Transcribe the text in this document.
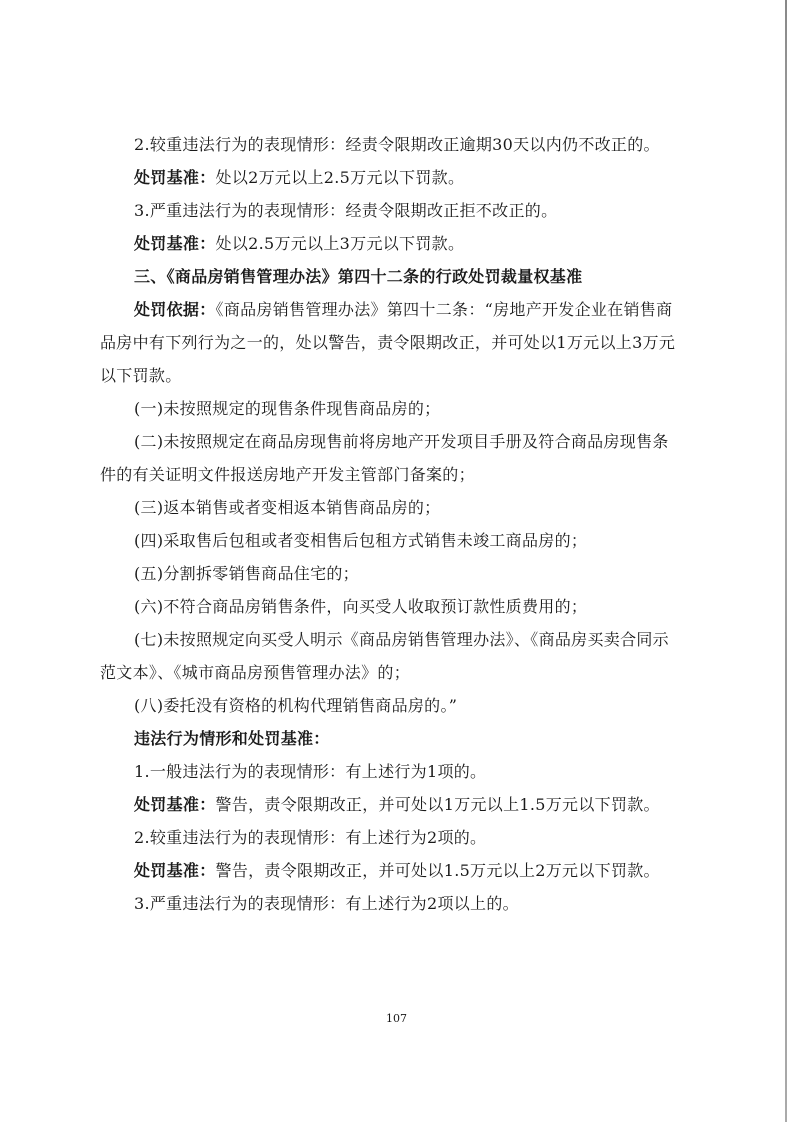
2.较重违法行为的表现情形：经责令限期改正逾期30天以内仍不改正的。

处罚基准：处以2万元以上2.5万元以下罚款。

3.严重违法行为的表现情形：经责令限期改正拒不改正的。

处罚基准：处以2.5万元以上3万元以下罚款。

三、《商品房销售管理办法》第四十二条的行政处罚裁量权基准

处罚依据：《商品房销售管理办法》第四十二条：“房地产开发企业在销售商品房中有下列行为之一的，处以警告，责令限期改正，并可处以1万元以上3万元以下罚款。

(一)未按照规定的现售条件现售商品房的；

(二)未按照规定在商品房现售前将房地产开发项目手册及符合商品房现售条件的有关证明文件报送房地产开发主管部门备案的；

(三)返本销售或者变相返本销售商品房的；

(四)采取售后包租或者变相售后包租方式销售未竣工商品房的；

(五)分割拆零销售商品住宅的；

(六)不符合商品房销售条件，向买受人收取预订款性质费用的；

(七)未按照规定向买受人明示《商品房销售管理办法》、《商品房买卖合同示范文本》、《城市商品房预售管理办法》的；

(八)委托没有资格的机构代理销售商品房的。”

违法行为情形和处罚基准：

1.一般违法行为的表现情形：有上述行为1项的。

处罚基准：警告，责令限期改正，并可处以1万元以上1.5万元以下罚款。

2.较重违法行为的表现情形：有上述行为2项的。

处罚基准：警告，责令限期改正，并可处以1.5万元以上2万元以下罚款。

3.严重违法行为的表现情形：有上述行为2项以上的。

107
